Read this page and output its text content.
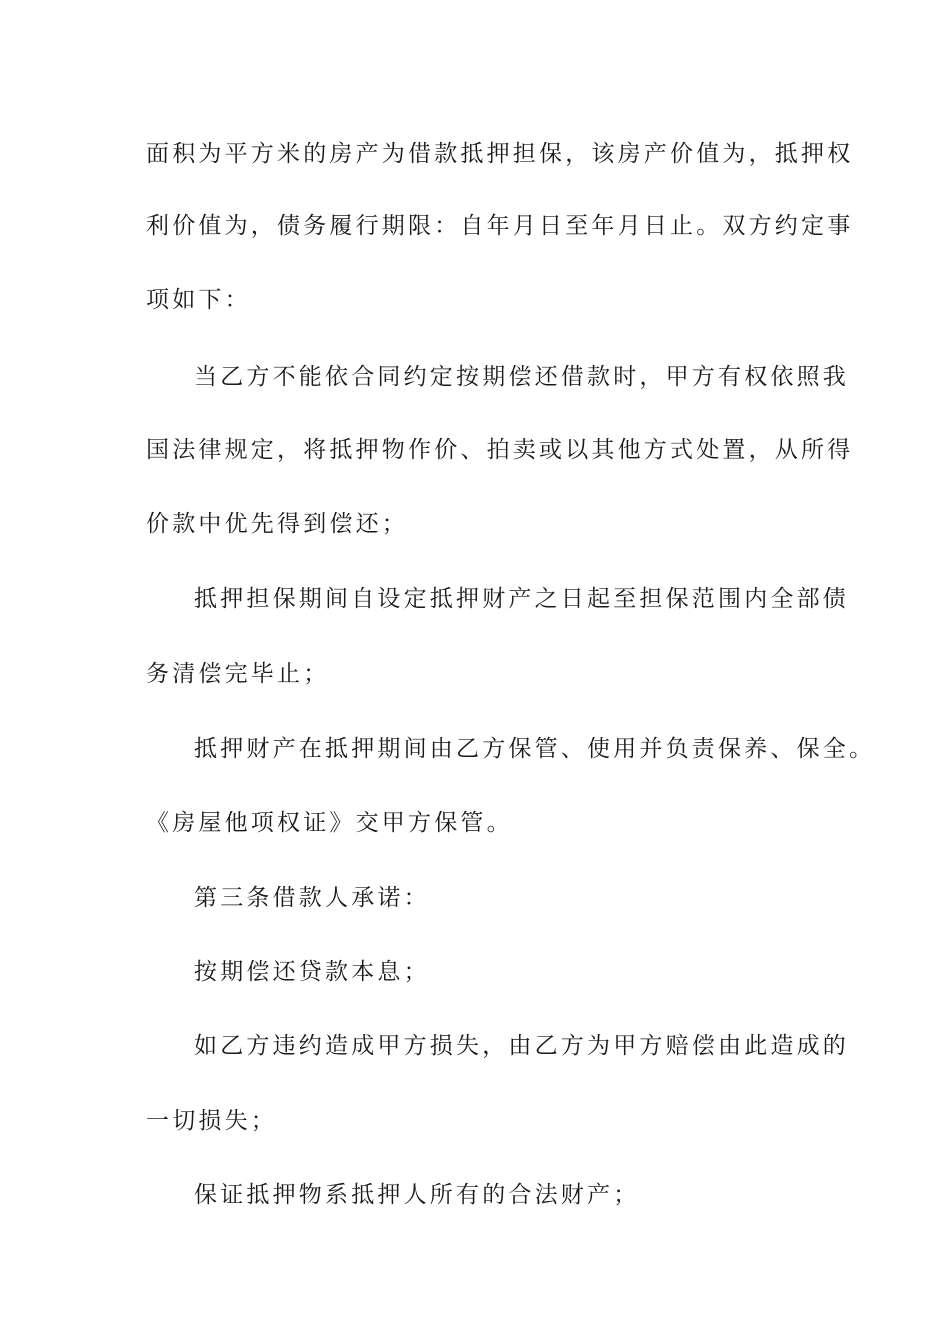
面积为平方米的房产为借款抵押担保，该房产价值为，抵押权
利价值为，债务履行期限：自年月日至年月日止。双方约定事
项如下：
当乙方不能依合同约定按期偿还借款时，甲方有权依照我
国法律规定，将抵押物作价、拍卖或以其他方式处置，从所得
价款中优先得到偿还；
抵押担保期间自设定抵押财产之日起至担保范围内全部债
务清偿完毕止；
抵押财产在抵押期间由乙方保管、使用并负责保养、保全。
《房屋他项权证》交甲方保管。
第三条借款人承诺：
按期偿还贷款本息；
如乙方违约造成甲方损失，由乙方为甲方赔偿由此造成的
一切损失；
保证抵押物系抵押人所有的合法财产；
